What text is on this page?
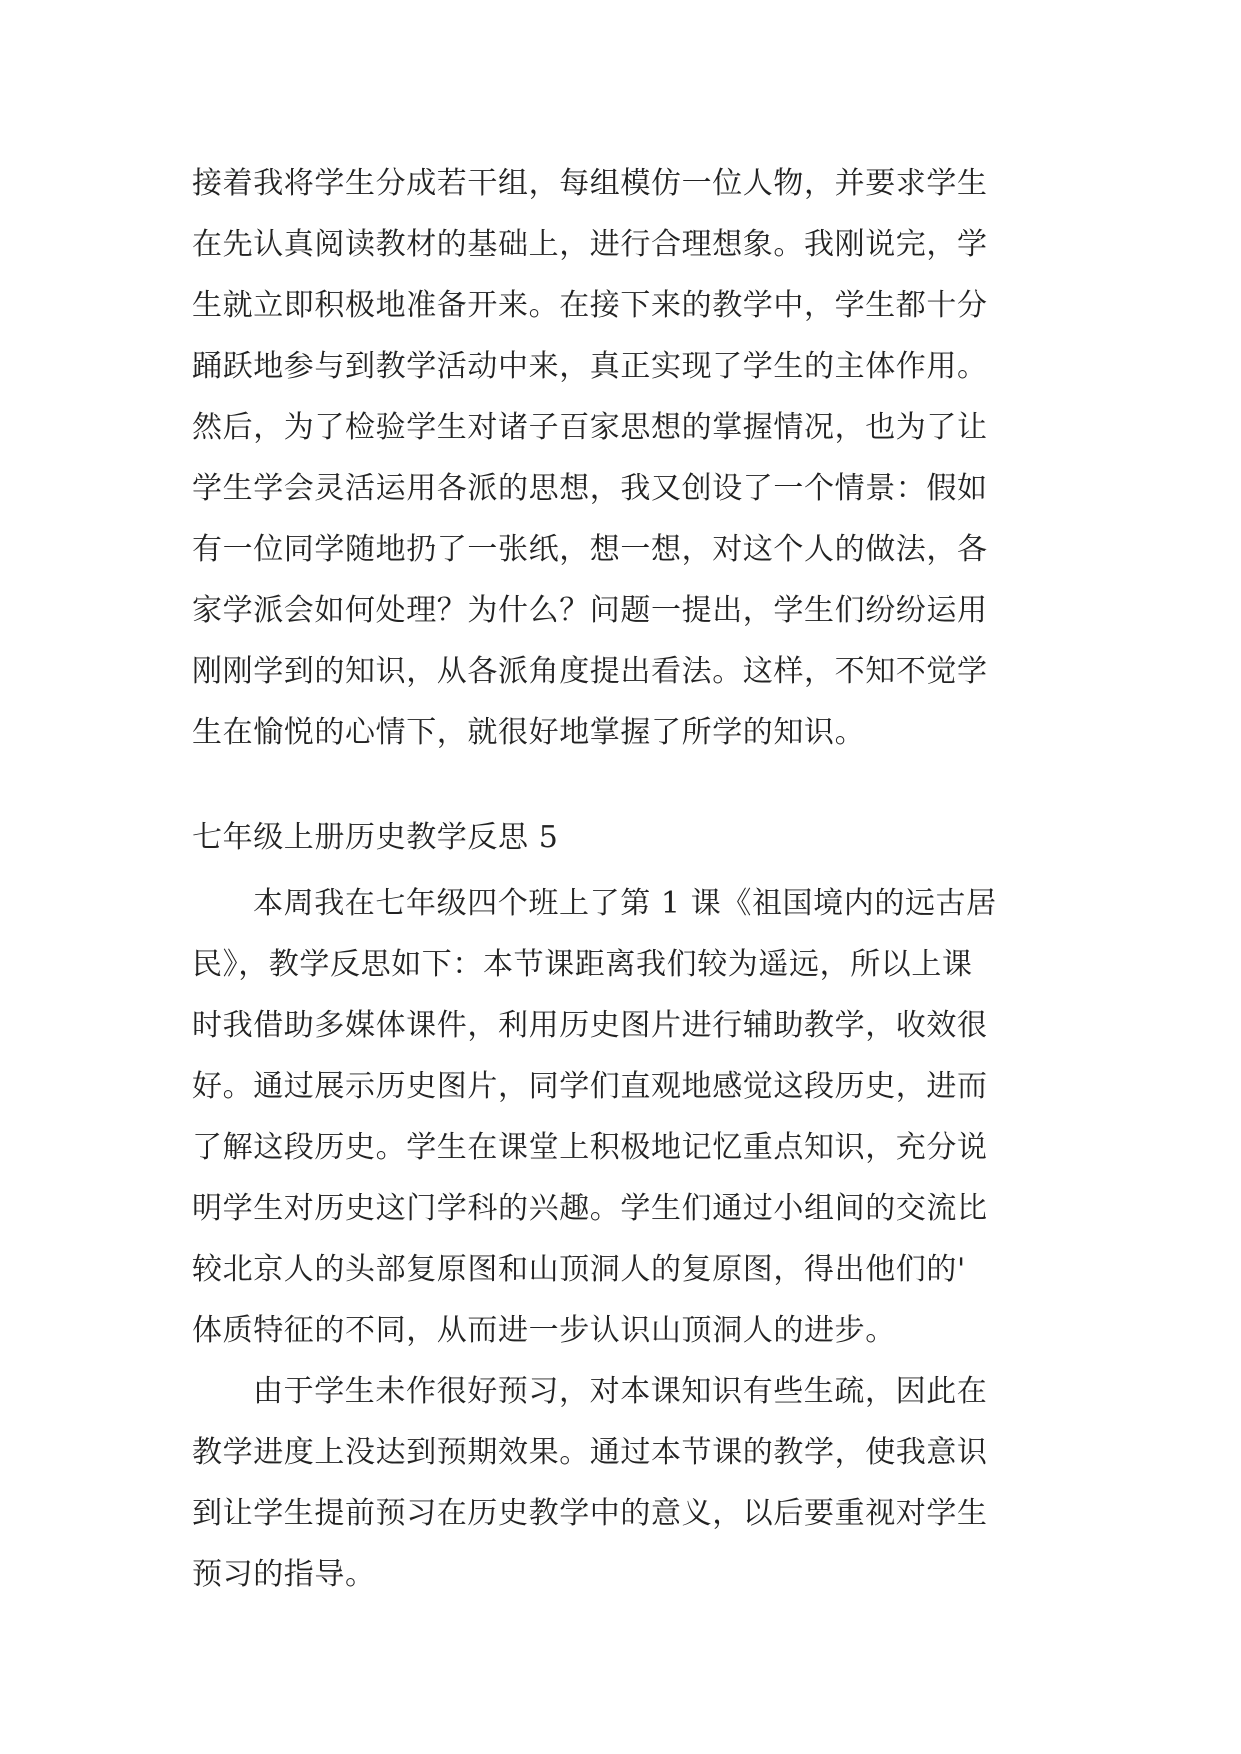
接着我将学生分成若干组，每组模仿一位人物，并要求学生
在先认真阅读教材的基础上，进行合理想象。我刚说完，学
生就立即积极地准备开来。在接下来的教学中，学生都十分
踊跃地参与到教学活动中来，真正实现了学生的主体作用。
然后，为了检验学生对诸子百家思想的掌握情况，也为了让
学生学会灵活运用各派的思想，我又创设了一个情景：假如
有一位同学随地扔了一张纸，想一想，对这个人的做法，各
家学派会如何处理？为什么？问题一提出，学生们纷纷运用
刚刚学到的知识，从各派角度提出看法。这样，不知不觉学
生在愉悦的心情下，就很好地掌握了所学的知识。
七年级上册历史教学反思 5
本周我在七年级四个班上了第 1 课《祖国境内的远古居
民》，教学反思如下：本节课距离我们较为遥远，所以上课
时我借助多媒体课件，利用历史图片进行辅助教学，收效很
好。通过展示历史图片，同学们直观地感觉这段历史，进而
了解这段历史。学生在课堂上积极地记忆重点知识，充分说
明学生对历史这门学科的兴趣。学生们通过小组间的交流比
较北京人的头部复原图和山顶洞人的复原图，得出他们的'
体质特征的不同，从而进一步认识山顶洞人的进步。
由于学生未作很好预习，对本课知识有些生疏，因此在
教学进度上没达到预期效果。通过本节课的教学，使我意识
到让学生提前预习在历史教学中的意义，以后要重视对学生
预习的指导。
